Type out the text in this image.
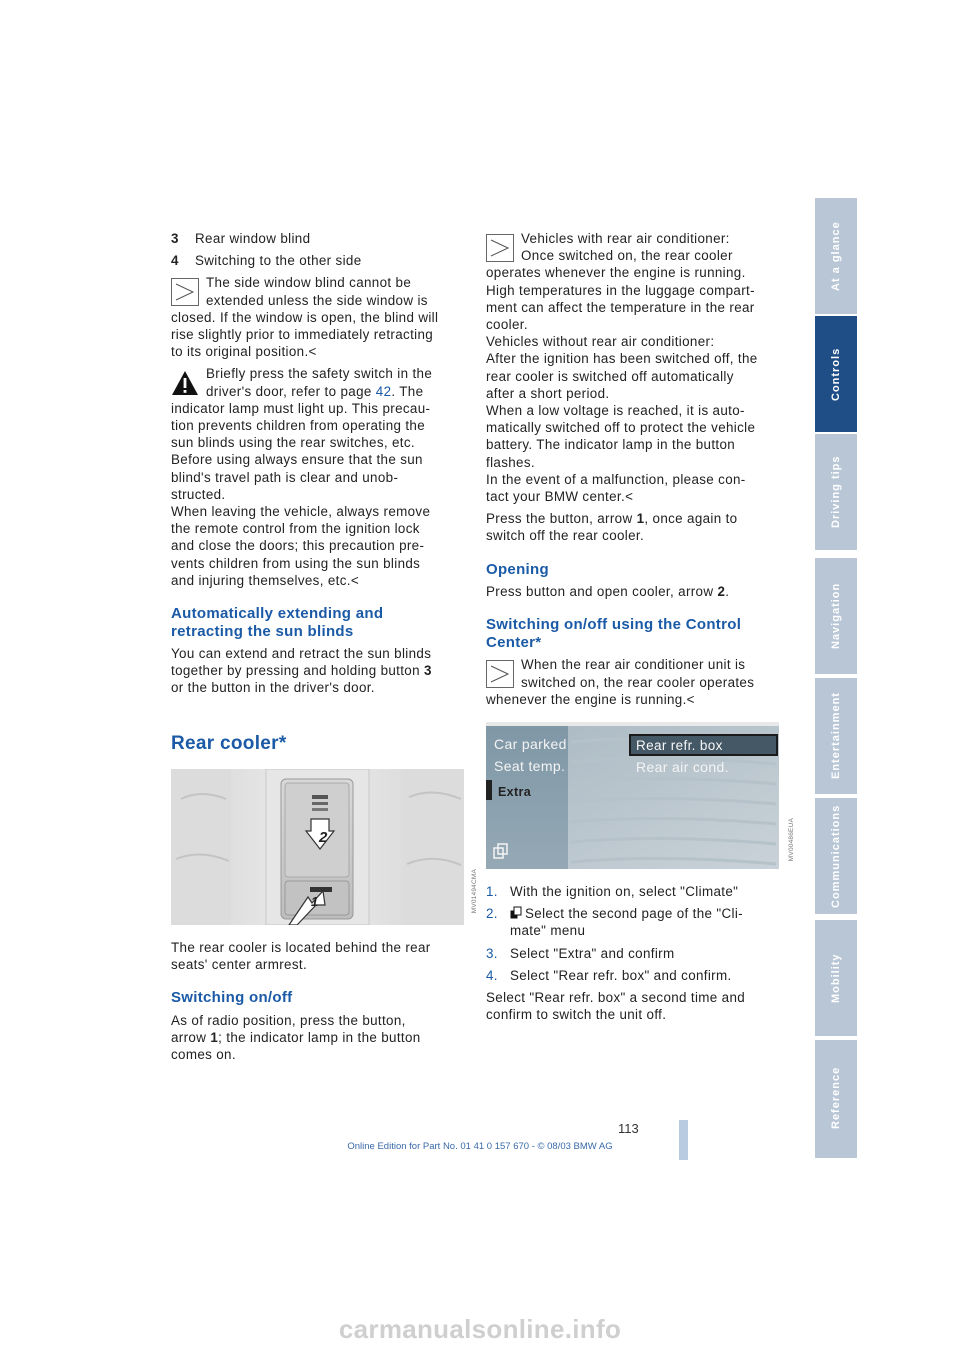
3	Rear window blind
4	Switching to the other side
The side window blind cannot be
extended unless the side window is
closed. If the window is open, the blind will
rise slightly prior to immediately retracting
to its original position.<
Briefly press the safety switch in the
driver's door, refer to page 42. The
indicator lamp must light up. This precau-
tion prevents children from operating the
sun blinds using the rear switches, etc.
Before using always ensure that the sun
blind's travel path is clear and unob-
structed.
When leaving the vehicle, always remove
the remote control from the ignition lock
and close the doors; this precaution pre-
vents children from using the sun blinds
and injuring themselves, etc.<
Automatically extending and
retracting the sun blinds
You can extend and retract the sun blinds
together by pressing and holding button 3
or the button in the driver's door.
Rear cooler*
2
1	MV01494CMA
The rear cooler is located behind the rear
seats' center armrest.
Switching on/off
As of radio position, press the button,
arrow 1; the indicator lamp in the button
comes on.
Vehicles with rear air conditioner:
Once switched on, the rear cooler
operates whenever the engine is running.
High temperatures in the luggage compart-
ment can affect the temperature in the rear
cooler.
Vehicles without rear air conditioner:
After the ignition has been switched off, the
rear cooler is switched off automatically
after a short period.
When a low voltage is reached, it is auto-
matically switched off to protect the vehicle
battery. The indicator lamp in the button
flashes.
In the event of a malfunction, please con-
tact your BMW center.<
Press the button, arrow 1, once again to
switch off the rear cooler.
Opening
Press button and open cooler, arrow 2.
Switching on/off using the Control
Center*
When the rear air conditioner unit is
switched on, the rear cooler operates
whenever the engine is running.<
Car parked
Seat temp.
Extra
Rear refr. box
Rear air cond.
MV00486EUA
1. With the ignition on, select "Climate"
2.	Select the second page of the "Cli-
mate" menu
3. Select "Extra" and confirm
4. Select "Rear refr. box" and confirm.
Select "Rear refr. box" a second time and
confirm to switch the unit off.
At a glance
Controls
Driving tips
Navigation
Entertainment
Communications
Mobility
Reference
113
Online Edition for Part No. 01 41 0 157 670 - © 08/03 BMW AG
carmanualsonline.info
